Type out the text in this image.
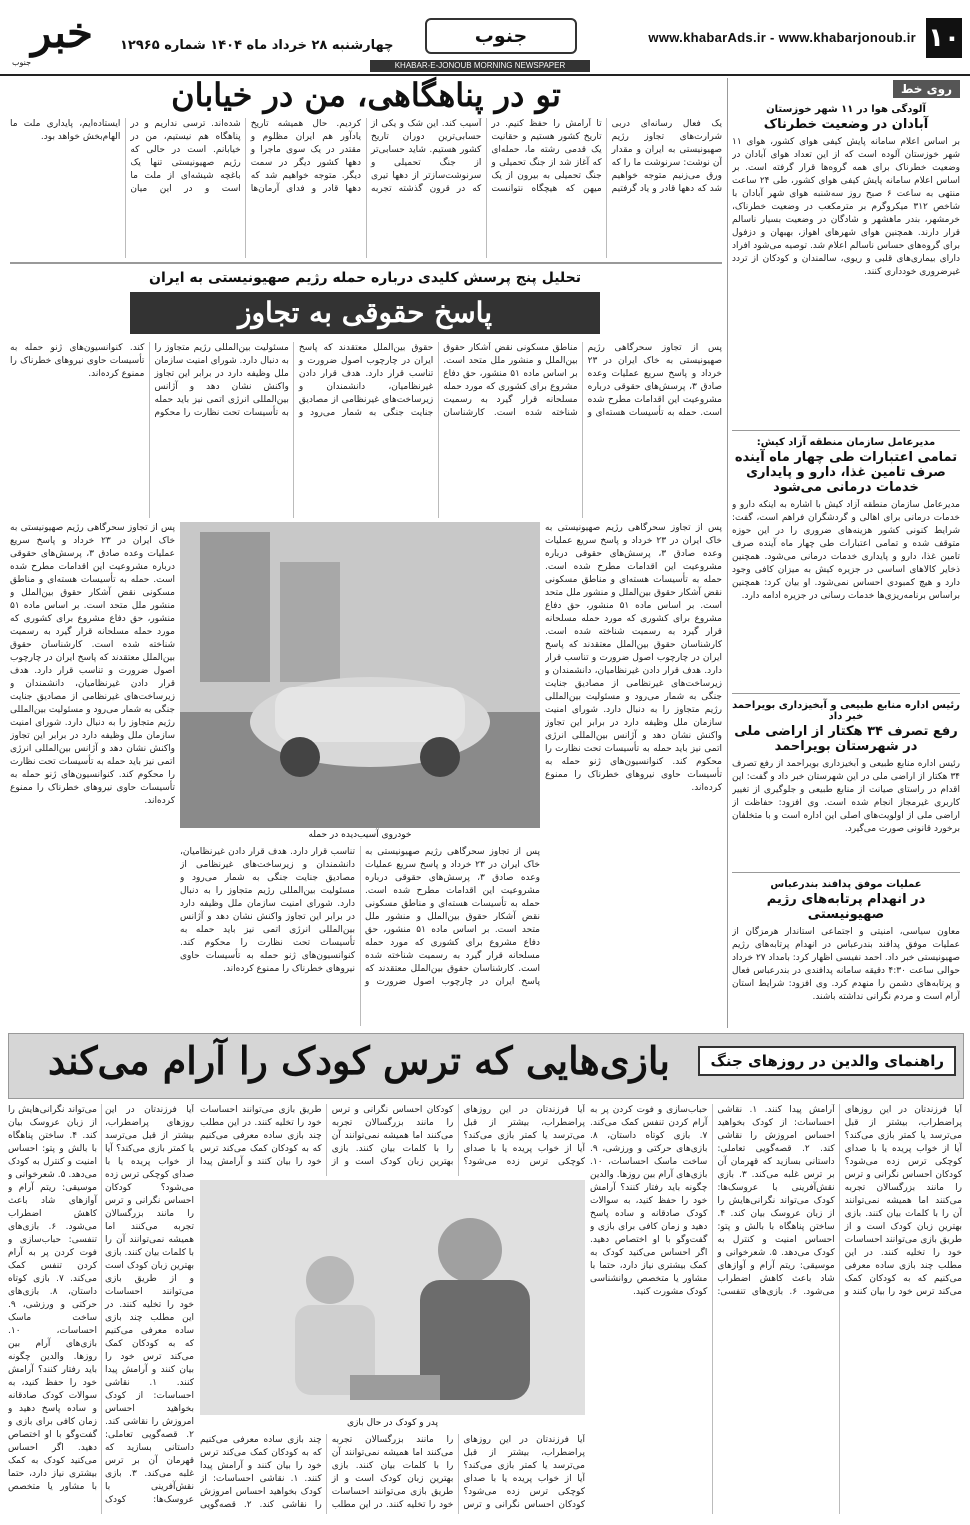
۱۰
www.khabarAds.ir - www.khabarjonoub.ir
جنوب
چهارشنبه ۲۸ خرداد ماه ۱۴۰۴ شماره ۱۲۹۶۵
خبر
جنوب	KHABAR-E-JONOUB MORNING NEWSPAPER
تو در پناهگاهی، من در خیابان
یک فعال رسانه‌ای دربی شرارت‌های تجاوز رژیم صهیونیستی به ایران و مقدار آن نوشت: سرنوشت ما را که ورق می‌زنیم متوجه خواهیم شد که دهها قادر و یاد گرفتیم تا آرامش را حفظ کنیم. در تاریخ کشور هستیم و حقانیت یک قدمی رشته ما، حمله‌ای که آغاز شد از جنگ تحمیلی و جنگ تحمیلی به بیرون از یک میهن که هیچگاه نتوانست آسیب کند. این شک و یکی از حسابی‌ترین دوران تاریخ کشور هستیم. شاید حسابی‌تر از جنگ تحمیلی و سرنوشت‌سازتر از دهها تیری که در قرون گذشته تجربه کردیم. حال همیشه تاریخ یادآور هم ایران مظلوم و مقتدر در یک سوی ماجرا و دهها کشور دیگر در سمت دیگر. متوجه خواهیم شد که دهها قادر و فدای آرمان‌ها شده‌اند. ترسی نداریم و در پناهگاه هم نیستیم، من در خیابانم. است در حالی که رژیم صهیونیستی تنها یک باغچه شیشه‌ای از ملت ما است و در این میان ایستاده‌ایم، پایداری ملت ما الهام‌بخش خواهد بود.
تحلیل پنج پرسش کلیدی درباره حمله رژیم صهیونیستی به ایران
پاسخ حقوقی به تجاوز
پس از تجاوز سحرگاهی رژیم صهیونیستی به خاک ایران در ۲۳ خرداد و پاسخ سریع عملیات وعده صادق ۳، پرسش‌های حقوقی درباره مشروعیت این اقدامات مطرح شده است. حمله به تأسیسات هسته‌ای و مناطق مسکونی نقض آشکار حقوق بین‌الملل و منشور ملل متحد است. بر اساس ماده ۵۱ منشور، حق دفاع مشروع برای کشوری که مورد حمله مسلحانه قرار گیرد به رسمیت شناخته شده است. کارشناسان حقوق بین‌الملل معتقدند که پاسخ ایران در چارچوب اصول ضرورت و تناسب قرار دارد. هدف قرار دادن غیرنظامیان، دانشمندان و زیرساخت‌های غیرنظامی از مصادیق جنایت جنگی به شمار می‌رود و مسئولیت بین‌المللی رژیم متجاوز را به دنبال دارد. شورای امنیت سازمان ملل وظیفه دارد در برابر این تجاوز واکنش نشان دهد و آژانس بین‌المللی انرژی اتمی نیز باید حمله به تأسیسات تحت نظارت را محکوم کند. کنوانسیون‌های ژنو حمله به تأسیسات حاوی نیروهای خطرناک را ممنوع کرده‌اند.
خودروی آسیب‌دیده در حمله
پس از تجاوز سحرگاهی رژیم صهیونیستی به خاک ایران در ۲۳ خرداد و پاسخ سریع عملیات وعده صادق ۳، پرسش‌های حقوقی درباره مشروعیت این اقدامات مطرح شده است. حمله به تأسیسات هسته‌ای و مناطق مسکونی نقض آشکار حقوق بین‌الملل و منشور ملل متحد است. بر اساس ماده ۵۱ منشور، حق دفاع مشروع برای کشوری که مورد حمله مسلحانه قرار گیرد به رسمیت شناخته شده است. کارشناسان حقوق بین‌الملل معتقدند که پاسخ ایران در چارچوب اصول ضرورت و تناسب قرار دارد. هدف قرار دادن غیرنظامیان، دانشمندان و زیرساخت‌های غیرنظامی از مصادیق جنایت جنگی به شمار می‌رود و مسئولیت بین‌المللی رژیم متجاوز را به دنبال دارد. شورای امنیت سازمان ملل وظیفه دارد در برابر این تجاوز واکنش نشان دهد و آژانس بین‌المللی انرژی اتمی نیز باید حمله به تأسیسات تحت نظارت را محکوم کند. کنوانسیون‌های ژنو حمله به تأسیسات حاوی نیروهای خطرناک را ممنوع کرده‌اند.
پس از تجاوز سحرگاهی رژیم صهیونیستی به خاک ایران در ۲۳ خرداد و پاسخ سریع عملیات وعده صادق ۳، پرسش‌های حقوقی درباره مشروعیت این اقدامات مطرح شده است. حمله به تأسیسات هسته‌ای و مناطق مسکونی نقض آشکار حقوق بین‌الملل و منشور ملل متحد است. بر اساس ماده ۵۱ منشور، حق دفاع مشروع برای کشوری که مورد حمله مسلحانه قرار گیرد به رسمیت شناخته شده است. کارشناسان حقوق بین‌الملل معتقدند که پاسخ ایران در چارچوب اصول ضرورت و تناسب قرار دارد. هدف قرار دادن غیرنظامیان، دانشمندان و زیرساخت‌های غیرنظامی از مصادیق جنایت جنگی به شمار می‌رود و مسئولیت بین‌المللی رژیم متجاوز را به دنبال دارد. شورای امنیت سازمان ملل وظیفه دارد در برابر این تجاوز واکنش نشان دهد و آژانس بین‌المللی انرژی اتمی نیز باید حمله به تأسیسات تحت نظارت را محکوم کند. کنوانسیون‌های ژنو حمله به تأسیسات حاوی نیروهای خطرناک را ممنوع کرده‌اند.
پس از تجاوز سحرگاهی رژیم صهیونیستی به خاک ایران در ۲۳ خرداد و پاسخ سریع عملیات وعده صادق ۳، پرسش‌های حقوقی درباره مشروعیت این اقدامات مطرح شده است. حمله به تأسیسات هسته‌ای و مناطق مسکونی نقض آشکار حقوق بین‌الملل و منشور ملل متحد است. بر اساس ماده ۵۱ منشور، حق دفاع مشروع برای کشوری که مورد حمله مسلحانه قرار گیرد به رسمیت شناخته شده است. کارشناسان حقوق بین‌الملل معتقدند که پاسخ ایران در چارچوب اصول ضرورت و تناسب قرار دارد. هدف قرار دادن غیرنظامیان، دانشمندان و زیرساخت‌های غیرنظامی از مصادیق جنایت جنگی به شمار می‌رود و مسئولیت بین‌المللی رژیم متجاوز را به دنبال دارد. شورای امنیت سازمان ملل وظیفه دارد در برابر این تجاوز واکنش نشان دهد و آژانس بین‌المللی انرژی اتمی نیز باید حمله به تأسیسات تحت نظارت را محکوم کند. کنوانسیون‌های ژنو حمله به تأسیسات حاوی نیروهای خطرناک را ممنوع کرده‌اند.
روی خط
آلودگی هوا در ۱۱ شهر خوزستان
آبادان در وضعیت خطرناک
بر اساس اعلام سامانه پایش کیفی هوای کشور، هوای ۱۱ شهر خوزستان آلوده است که از این تعداد هوای آبادان در وضعیت خطرناک برای همه گروه‌ها قرار گرفته است. بر اساس اعلام سامانه پایش کیفی هوای کشور، طی ۲۴ ساعت منتهی به ساعت ۶ صبح روز سه‌شنبه هوای شهر آبادان با شاخص ۳۱۲ میکروگرم بر مترمکعب در وضعیت خطرناک، خرمشهر، بندر ماهشهر و شادگان در وضعیت بسیار ناسالم قرار دارند. همچنین هوای شهرهای اهواز، بهبهان و دزفول برای گروه‌های حساس ناسالم اعلام شد. توصیه می‌شود افراد دارای بیماری‌های قلبی و ریوی، سالمندان و کودکان از تردد غیرضروری خودداری کنند.
مدیرعامل سازمان منطقه آزاد کیش:
تمامی اعتبارات طی چهار ماه آینده صرف تامین غذا، دارو و پایداری خدمات درمانی می‌شود
مدیرعامل سازمان منطقه آزاد کیش با اشاره به اینکه دارو و خدمات درمانی برای اهالی و گردشگران فراهم است، گفت: شرایط کنونی کشور هزینه‌های ضروری را در این حوزه متوقف شده و تمامی اعتبارات طی چهار ماه آینده صرف تامین غذا، دارو و پایداری خدمات درمانی می‌شود. همچنین ذخایر کالاهای اساسی در جزیره کیش به میزان کافی وجود دارد و هیچ کمبودی احساس نمی‌شود. او بیان کرد: همچنین براساس برنامه‌ریزی‌ها خدمات رسانی در جزیره ادامه دارد.
رئیس اداره منابع طبیعی و آبخیزداری بویراحمد خبر داد
رفع تصرف ۳۴ هکتار از اراضی ملی در شهرستان بویراحمد
رئیس اداره منابع طبیعی و آبخیزداری بویراحمد از رفع تصرف ۳۴ هکتار از اراضی ملی در این شهرستان خبر داد و گفت: این اقدام در راستای صیانت از منابع طبیعی و جلوگیری از تغییر کاربری غیرمجاز انجام شده است. وی افزود: حفاظت از اراضی ملی از اولویت‌های اصلی این اداره است و با متخلفان برخورد قانونی صورت می‌گیرد.
عملیات موفق پدافند بندرعباس
در انهدام پرتابه‌های رژیم صهیونیستی
معاون سیاسی، امنیتی و اجتماعی استاندار هرمزگان از عملیات موفق پدافند بندرعباس در انهدام پرتابه‌های رژیم صهیونیستی خبر داد. احمد نفیسی اظهار کرد: بامداد ۲۷ خرداد حوالی ساعت ۴:۳۰ دقیقه سامانه پدافندی در بندرعباس فعال و پرتابه‌های دشمن را منهدم کرد. وی افزود: شرایط استان آرام است و مردم نگرانی نداشته باشند.
راهنمای والدین در روزهای جنگ
بازی‌هایی که ترس کودک را آرام می‌کند
آیا فرزندتان در این روزهای پراضطراب، بیشتر از قبل می‌ترسد یا کمتر بازی می‌کند؟ آیا از خواب پریده یا با صدای کوچکی ترس زده می‌شود؟ کودکان احساس نگرانی و ترس را مانند بزرگسالان تجربه می‌کنند اما همیشه نمی‌توانند آن را با کلمات بیان کنند. بازی بهترین زبان کودک است و از طریق بازی می‌توانند احساسات خود را تخلیه کنند. در این مطلب چند بازی ساده معرفی می‌کنیم که به کودکان کمک می‌کند ترس خود را بیان کنند و آرامش پیدا کنند. ۱. نقاشی احساسات: از کودک بخواهید احساس امروزش را نقاشی کند. ۲. قصه‌گویی تعاملی: داستانی بسازید که قهرمان آن بر ترس غلبه می‌کند. ۳. بازی نقش‌آفرینی با عروسک‌ها: کودک می‌تواند نگرانی‌هایش را از زبان عروسک بیان کند. ۴. ساختن پناهگاه با بالش و پتو: احساس امنیت و کنترل به کودک می‌دهد. ۵. شعرخوانی و موسیقی: ریتم آرام و آوازهای شاد باعث کاهش اضطراب می‌شود. ۶. بازی‌های تنفسی: حباب‌سازی و فوت کردن پر به آرام کردن تنفس کمک می‌کند. ۷. بازی کوتاه داستان، ۸. بازی‌های حرکتی و ورزشی، ۹. ساخت ماسک احساسات، ۱۰. بازی‌های آرام بین روزها. والدین چگونه باید رفتار کنند؟ آرامش خود را حفظ کنید، به سوالات کودک صادقانه و ساده پاسخ دهید و زمان کافی برای بازی و گفت‌وگو با او اختصاص دهید. اگر احساس می‌کنید کودک به کمک بیشتری نیاز دارد، حتما با مشاور یا متخصص روانشناسی کودک مشورت کنید.
پدر و کودک در حال بازی
آیا فرزندتان در این روزهای پراضطراب، بیشتر از قبل می‌ترسد یا کمتر بازی می‌کند؟ آیا از خواب پریده یا با صدای کوچکی ترس زده می‌شود؟ کودکان احساس نگرانی و ترس را مانند بزرگسالان تجربه می‌کنند اما همیشه نمی‌توانند آن را با کلمات بیان کنند. بازی بهترین زبان کودک است و از طریق بازی می‌توانند احساسات خود را تخلیه کنند. در این مطلب چند بازی ساده معرفی می‌کنیم که به کودکان کمک می‌کند ترس خود را بیان کنند و آرامش پیدا
آیا فرزندتان در این روزهای پراضطراب، بیشتر از قبل می‌ترسد یا کمتر بازی می‌کند؟ آیا از خواب پریده یا با صدای کوچکی ترس زده می‌شود؟ کودکان احساس نگرانی و ترس را مانند بزرگسالان تجربه می‌کنند اما همیشه نمی‌توانند آن را با کلمات بیان کنند. بازی بهترین زبان کودک است و از طریق بازی می‌توانند احساسات خود را تخلیه کنند. در این مطلب چند بازی ساده معرفی می‌کنیم که به کودکان کمک می‌کند ترس خود را بیان کنند و آرامش پیدا کنند. ۱. نقاشی احساسات: از کودک بخواهید احساس امروزش را نقاشی کند. ۲. قصه‌گویی
آیا فرزندتان در این روزهای پراضطراب، بیشتر از قبل می‌ترسد یا کمتر بازی می‌کند؟ آیا از خواب پریده یا با صدای کوچکی ترس زده می‌شود؟ کودکان احساس نگرانی و ترس را مانند بزرگسالان تجربه می‌کنند اما همیشه نمی‌توانند آن را با کلمات بیان کنند. بازی بهترین زبان کودک است و از طریق بازی می‌توانند احساسات خود را تخلیه کنند. در این مطلب چند بازی ساده معرفی می‌کنیم که به کودکان کمک می‌کند ترس خود را بیان کنند و آرامش پیدا کنند. ۱. نقاشی احساسات: از کودک بخواهید احساس امروزش را نقاشی کند. ۲. قصه‌گویی تعاملی: داستانی بسازید که قهرمان آن بر ترس غلبه می‌کند. ۳. بازی نقش‌آفرینی با عروسک‌ها: کودک می‌تواند نگرانی‌هایش را از زبان عروسک بیان کند. ۴. ساختن پناهگاه با بالش و پتو: احساس امنیت و کنترل به کودک می‌دهد. ۵. شعرخوانی و موسیقی: ریتم آرام و آوازهای شاد باعث کاهش اضطراب می‌شود. ۶. بازی‌های تنفسی: حباب‌سازی و فوت کردن پر به آرام کردن تنفس کمک می‌کند. ۷. بازی کوتاه داستان، ۸. بازی‌های حرکتی و ورزشی، ۹. ساخت ماسک احساسات، ۱۰. بازی‌های آرام بین روزها. والدین چگونه باید رفتار کنند؟ آرامش خود را حفظ کنید، به سوالات کودک صادقانه و ساده پاسخ دهید و زمان کافی برای بازی و گفت‌وگو با او اختصاص دهید. اگر احساس می‌کنید کودک به کمک بیشتری نیاز دارد، حتما با مشاور یا متخصص
